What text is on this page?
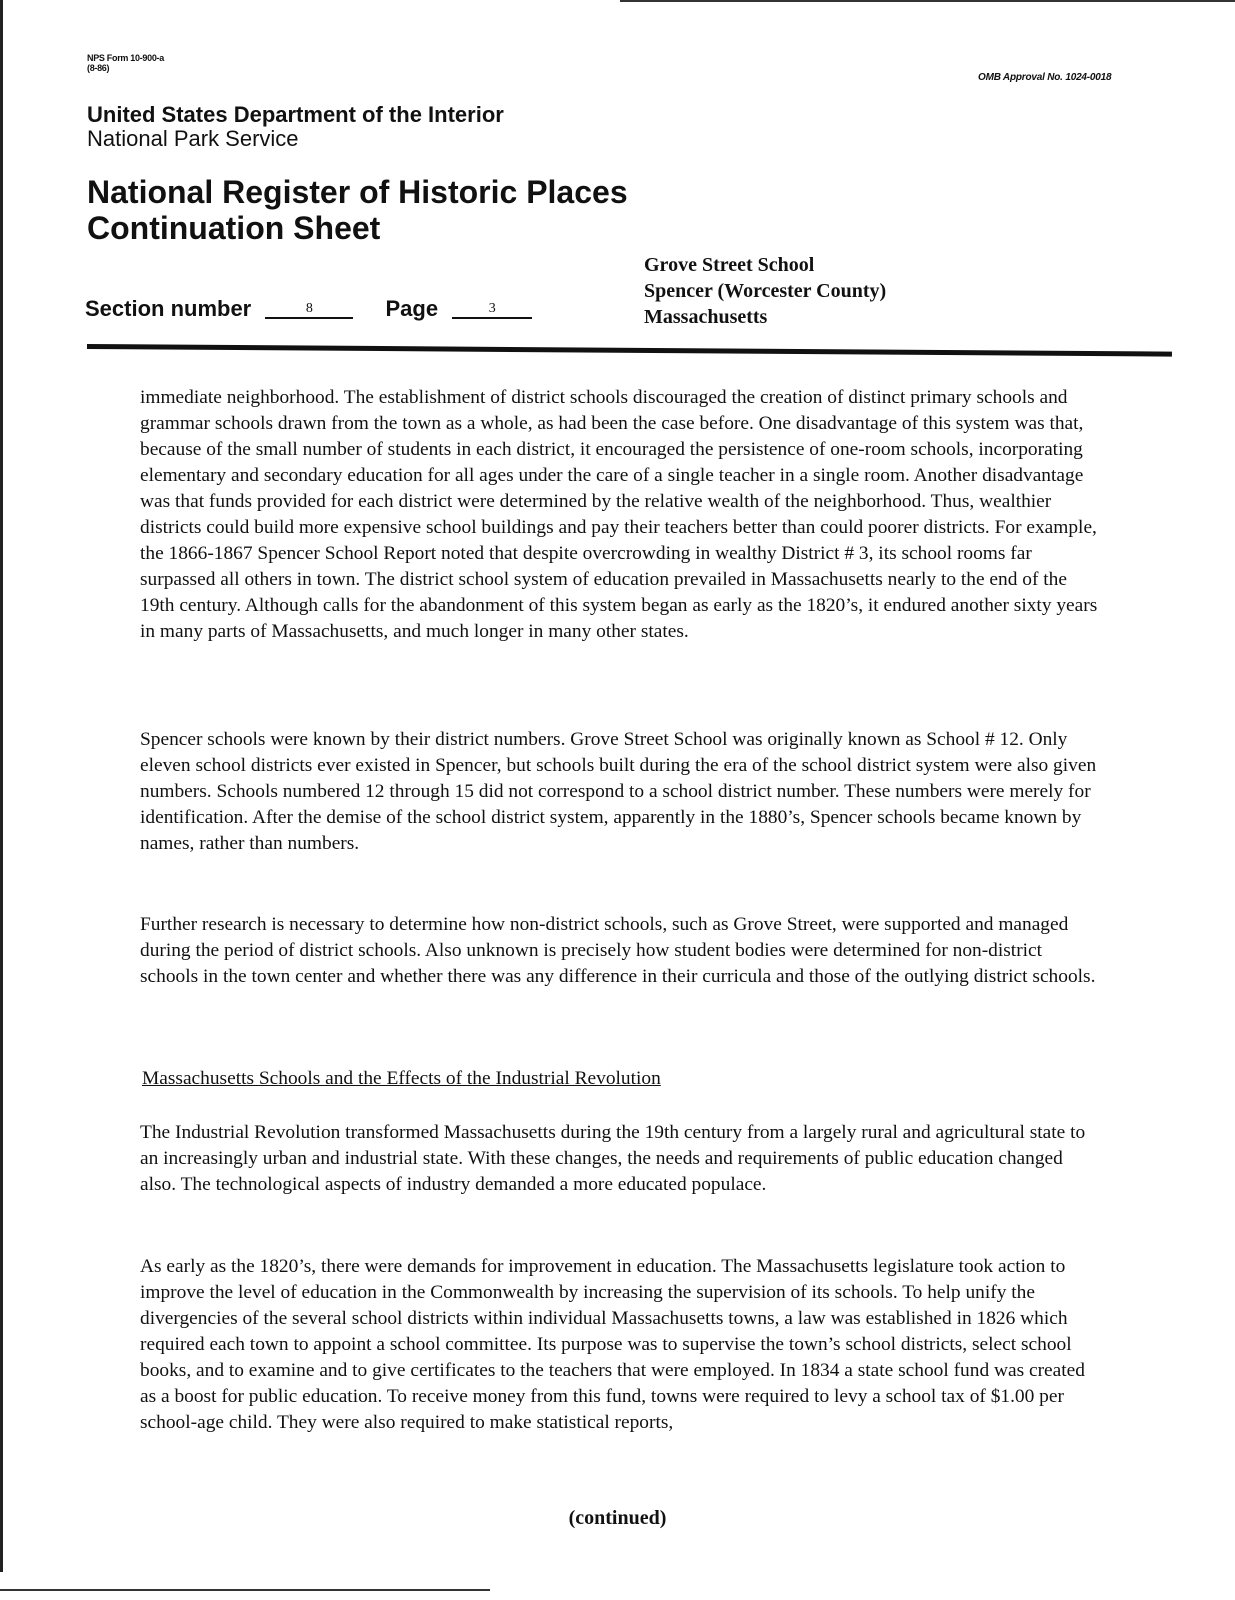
NPS Form 10-900-a
(8-86)
OMB Approval No. 1024-0018
United States Department of the Interior
National Park Service
National Register of Historic Places
Continuation Sheet
Section number	8	Page	3
Grove Street School
Spencer (Worcester County)
Massachusetts

immediate neighborhood. The establishment of district schools discouraged the creation of distinct primary schools and grammar schools drawn from the town as a whole, as had been the case before. One disadvantage of this system was that, because of the small number of students in each district, it encouraged the persistence of one-room schools, incorporating elementary and secondary education for all ages under the care of a single teacher in a single room. Another disadvantage was that funds provided for each district were determined by the relative wealth of the neighborhood. Thus, wealthier districts could build more expensive school buildings and pay their teachers better than could poorer districts. For example, the 1866-1867 Spencer School Report noted that despite overcrowding in wealthy District # 3, its school rooms far surpassed all others in town. The district school system of education prevailed in Massachusetts nearly to the end of the 19th century. Although calls for the abandonment of this system began as early as the 1820’s, it endured another sixty years in many parts of Massachusetts, and much longer in many other states.

Spencer schools were known by their district numbers. Grove Street School was originally known as School # 12. Only eleven school districts ever existed in Spencer, but schools built during the era of the school district system were also given numbers. Schools numbered 12 through 15 did not correspond to a school district number. These numbers were merely for identification. After the demise of the school district system, apparently in the 1880’s, Spencer schools became known by names, rather than numbers.

Further research is necessary to determine how non-district schools, such as Grove Street, were supported and managed during the period of district schools. Also unknown is precisely how student bodies were determined for non-district schools in the town center and whether there was any difference in their curricula and those of the outlying district schools.

Massachusetts Schools and the Effects of the Industrial Revolution

The Industrial Revolution transformed Massachusetts during the 19th century from a largely rural and agricultural state to an increasingly urban and industrial state. With these changes, the needs and requirements of public education changed also. The technological aspects of industry demanded a more educated populace.

As early as the 1820’s, there were demands for improvement in education. The Massachusetts legislature took action to improve the level of education in the Commonwealth by increasing the supervision of its schools. To help unify the divergencies of the several school districts within individual Massachusetts towns, a law was established in 1826 which required each town to appoint a school committee. Its purpose was to supervise the town’s school districts, select school books, and to examine and to give certificates to the teachers that were employed. In 1834 a state school fund was created as a boost for public education. To receive money from this fund, towns were required to levy a school tax of $1.00 per school-age child. They were also required to make statistical reports,

(continued)
